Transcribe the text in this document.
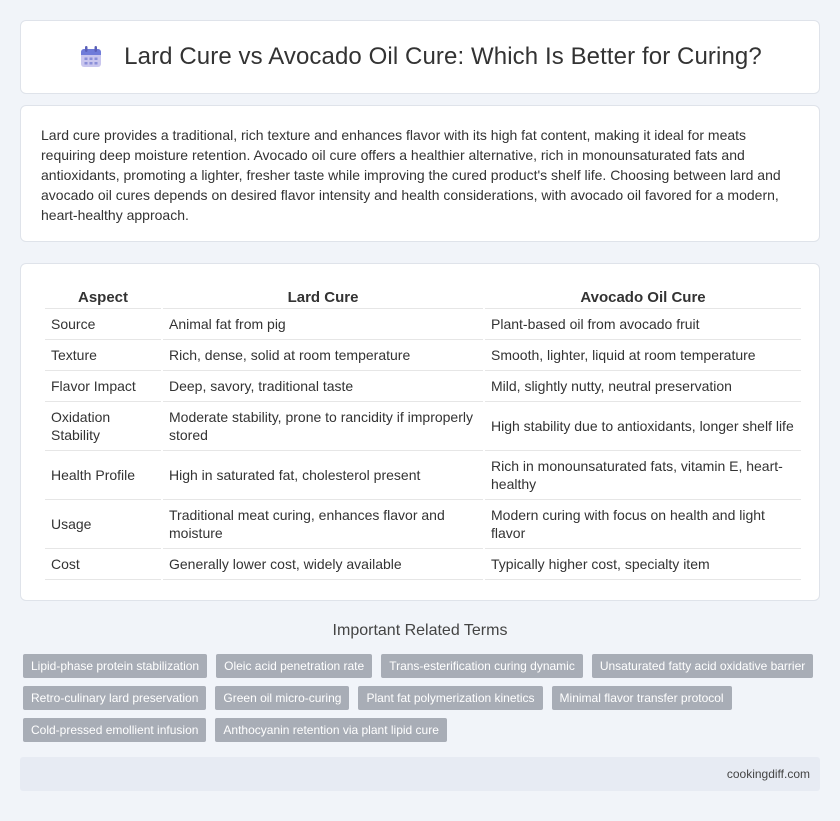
Lard Cure vs Avocado Oil Cure: Which Is Better for Curing?

Lard cure provides a traditional, rich texture and enhances flavor with its high fat content, making it ideal for meats requiring deep moisture retention. Avocado oil cure offers a healthier alternative, rich in monounsaturated fats and antioxidants, promoting a lighter, fresher taste while improving the cured product's shelf life. Choosing between lard and avocado oil cures depends on desired flavor intensity and health considerations, with avocado oil favored for a modern, heart-healthy approach.

Aspect	Lard Cure	Avocado Oil Cure
Source	Animal fat from pig	Plant-based oil from avocado fruit
Texture	Rich, dense, solid at room temperature	Smooth, lighter, liquid at room temperature
Flavor Impact	Deep, savory, traditional taste	Mild, slightly nutty, neutral preservation
Oxidation Stability	Moderate stability, prone to rancidity if improperly stored	High stability due to antioxidants, longer shelf life
Health Profile	High in saturated fat, cholesterol present	Rich in monounsaturated fats, vitamin E, heart-healthy
Usage	Traditional meat curing, enhances flavor and moisture	Modern curing with focus on health and light flavor
Cost	Generally lower cost, widely available	Typically higher cost, specialty item
Important Related Terms
Lipid-phase protein stabilization	Oleic acid penetration rate	Trans-esterification curing dynamic	Unsaturated fatty acid oxidative barrier
Retro-culinary lard preservation	Green oil micro-curing	Plant fat polymerization kinetics	Minimal flavor transfer protocol
Cold-pressed emollient infusion	Anthocyanin retention via plant lipid cure
cookingdiff.com
